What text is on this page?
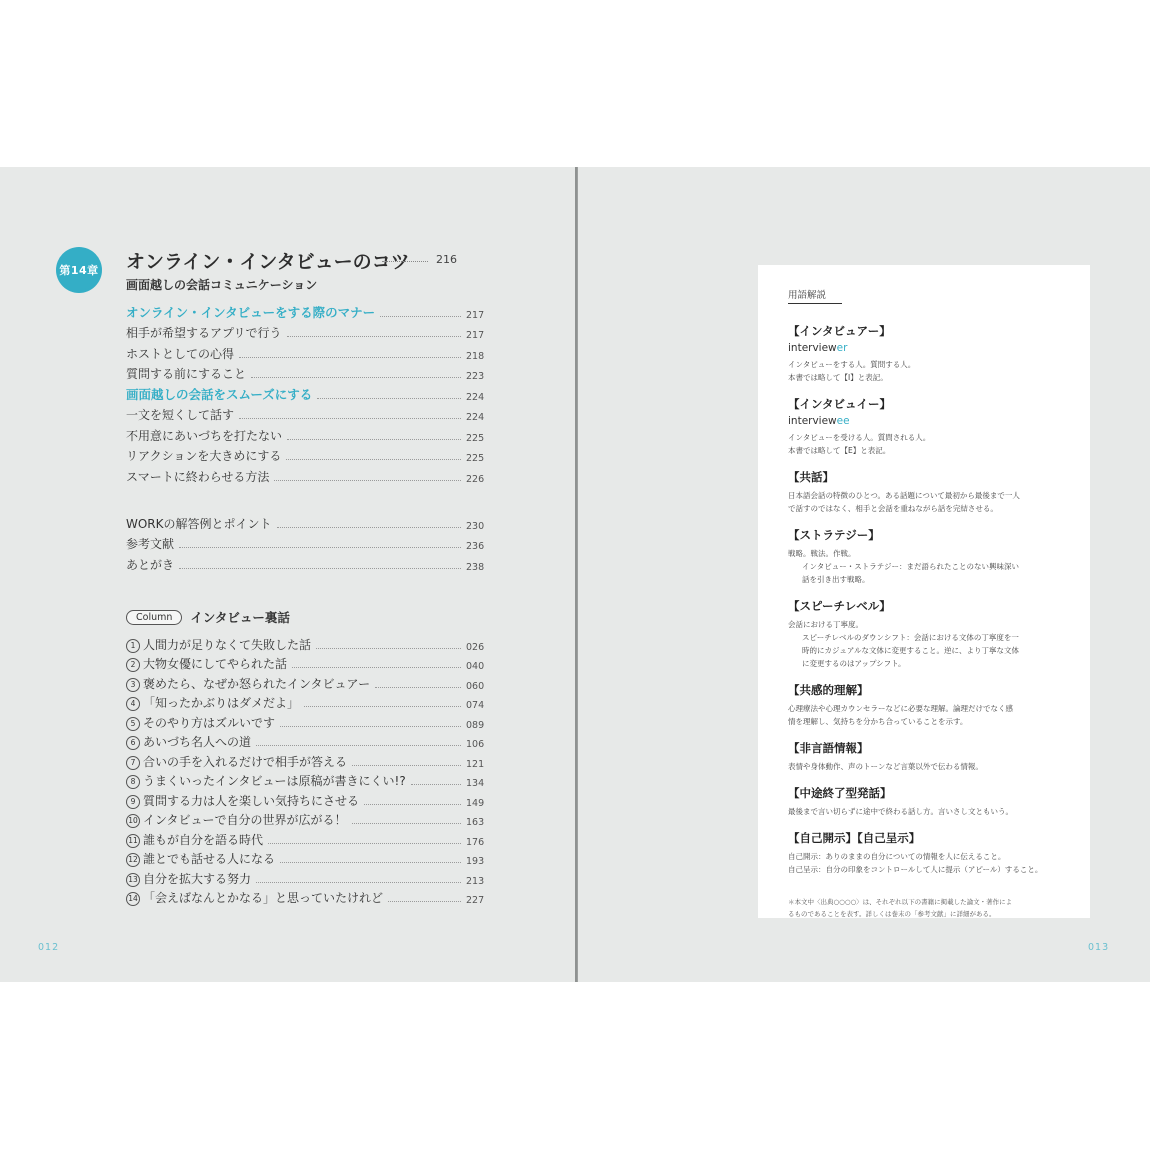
第14章 オンライン・インタビューのコツ 216
画面越しの会話コミュニケーション
オンライン・インタビューをする際のマナー	217
相手が希望するアプリで行う	217
ホストとしての心得	218
質問する前にすること	223
画面越しの会話をスムーズにする	224
一文を短くして話す	224
不用意にあいづちを打たない	225
リアクションを大きめにする	225
スマートに終わらせる方法	226
WORKの解答例とポイント	230
参考文献	236
あとがき	238
Column	インタビュー裏話
1 人間力が足りなくて失敗した話	026
2 大物女優にしてやられた話	040
3 褒めたら、なぜか怒られたインタビュアー	060
4 「知ったかぶりはダメだよ」	074
5 そのやり方はズルいです	089
6 あいづち名人への道	106
7 合いの手を入れるだけで相手が答える	121
8 うまくいったインタビューは原稿が書きにくい!?	134
9 質問する力は人を楽しい気持ちにさせる	149
10 インタビューで自分の世界が広がる！	163
11 誰もが自分を語る時代	176
12 誰とでも話せる人になる	193
13 自分を拡大する努力	213
14 「会えばなんとかなる」と思っていたけれど	227
012
用語解説
【インタビュアー】
interviewer
インタビューをする人。質問する人。
本書では略して【I】と表記。
【インタビュイー】
interviewee
インタビューを受ける人。質問される人。
本書では略して【E】と表記。
【共話】
日本語会話の特徴のひとつ。ある話題について最初から最後まで一人
で話すのではなく、相手と会話を重ねながら話を完結させる。
【ストラテジー】
戦略。戦法。作戦。
インタビュー・ストラテジー：まだ語られたことのない興味深い
話を引き出す戦略。
【スピーチレベル】
会話における丁寧度。
スピーチレベルのダウンシフト：会話における文体の丁寧度を一
時的にカジュアルな文体に変更すること。逆に、より丁寧な文体
に変更するのはアップシフト。
【共感的理解】
心理療法や心理カウンセラーなどに必要な理解。論理だけでなく感
情を理解し、気持ちを分かち合っていることを示す。
【非言語情報】
表情や身体動作、声のトーンなど言葉以外で伝わる情報。
【中途終了型発話】
最後まで言い切らずに途中で終わる話し方。言いさし文ともいう。
【自己開示】【自己呈示】
自己開示：ありのままの自分についての情報を人に伝えること。
自己呈示：自分の印象をコントロールして人に提示（アピール）すること。
＊本文中〈出典○○○○〉は、それぞれ以下の書籍に掲載した論文・著作によ
るものであることを表す。詳しくは巻末の「参考文献」に詳細がある。
013
